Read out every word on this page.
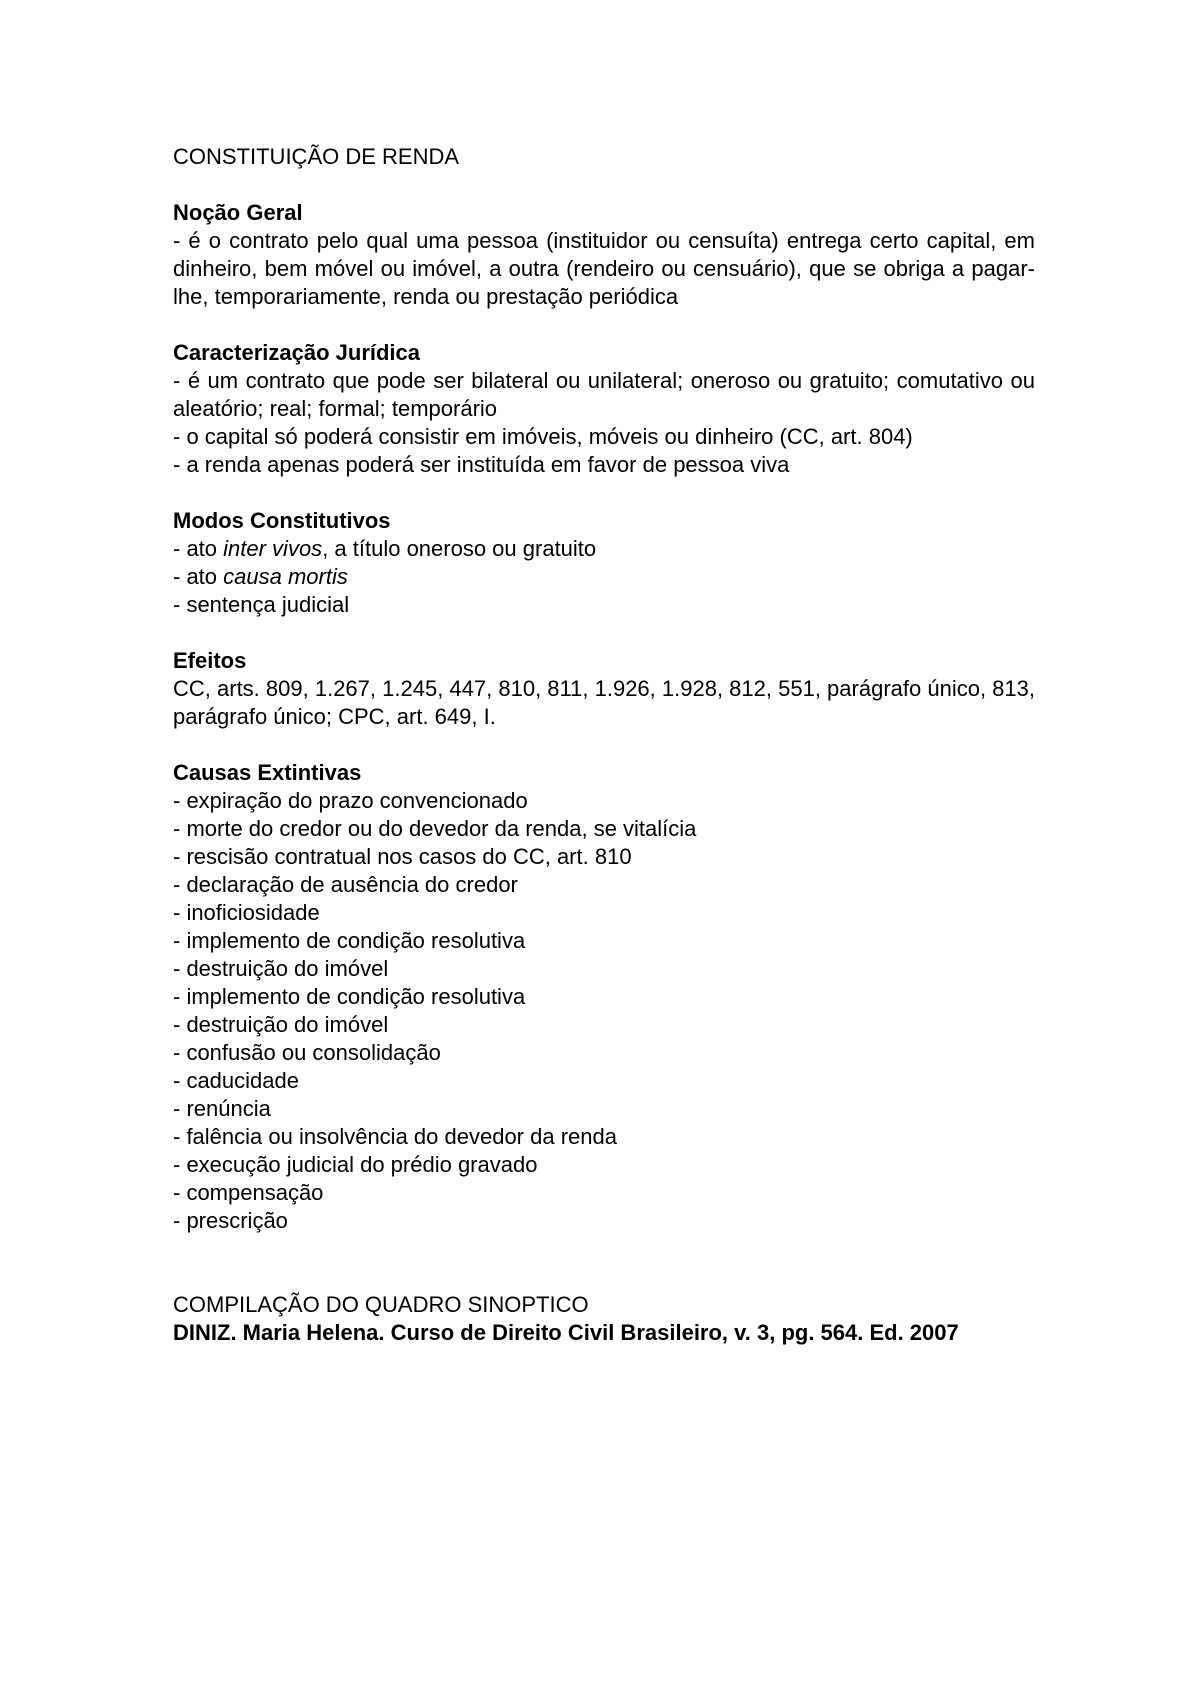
CONSTITUIÇÃO DE RENDA

Noção Geral

- é o contrato pelo qual uma pessoa (instituidor ou censuíta) entrega certo capital, em dinheiro, bem móvel ou imóvel, a outra (rendeiro ou censuário), que se obriga a pagar-lhe, temporariamente, renda ou prestação periódica

Caracterização Jurídica

- é um contrato que pode ser bilateral ou unilateral; oneroso ou gratuito; comutativo ou aleatório; real; formal; temporário

- o capital só poderá consistir em imóveis, móveis ou dinheiro (CC, art. 804)

- a renda apenas poderá ser instituída em favor de pessoa viva

Modos Constitutivos

- ato inter vivos, a título oneroso ou gratuito

- ato causa mortis

- sentença judicial

Efeitos

CC, arts. 809, 1.267, 1.245, 447, 810, 811, 1.926, 1.928, 812, 551, parágrafo único, 813, parágrafo único; CPC, art. 649, I.

Causas Extintivas

- expiração do prazo convencionado

- morte do credor ou do devedor da renda, se vitalícia

- rescisão contratual nos casos do CC, art. 810

- declaração de ausência do credor

- inoficiosidade

- implemento de condição resolutiva

- destruição do imóvel

- implemento de condição resolutiva

- destruição do imóvel

- confusão ou consolidação

- caducidade

- renúncia

- falência ou insolvência do devedor da renda

- execução judicial do prédio gravado

- compensação

- prescrição

COMPILAÇÃO DO QUADRO SINOPTICO

DINIZ. Maria Helena. Curso de Direito Civil Brasileiro, v. 3, pg. 564. Ed. 2007
